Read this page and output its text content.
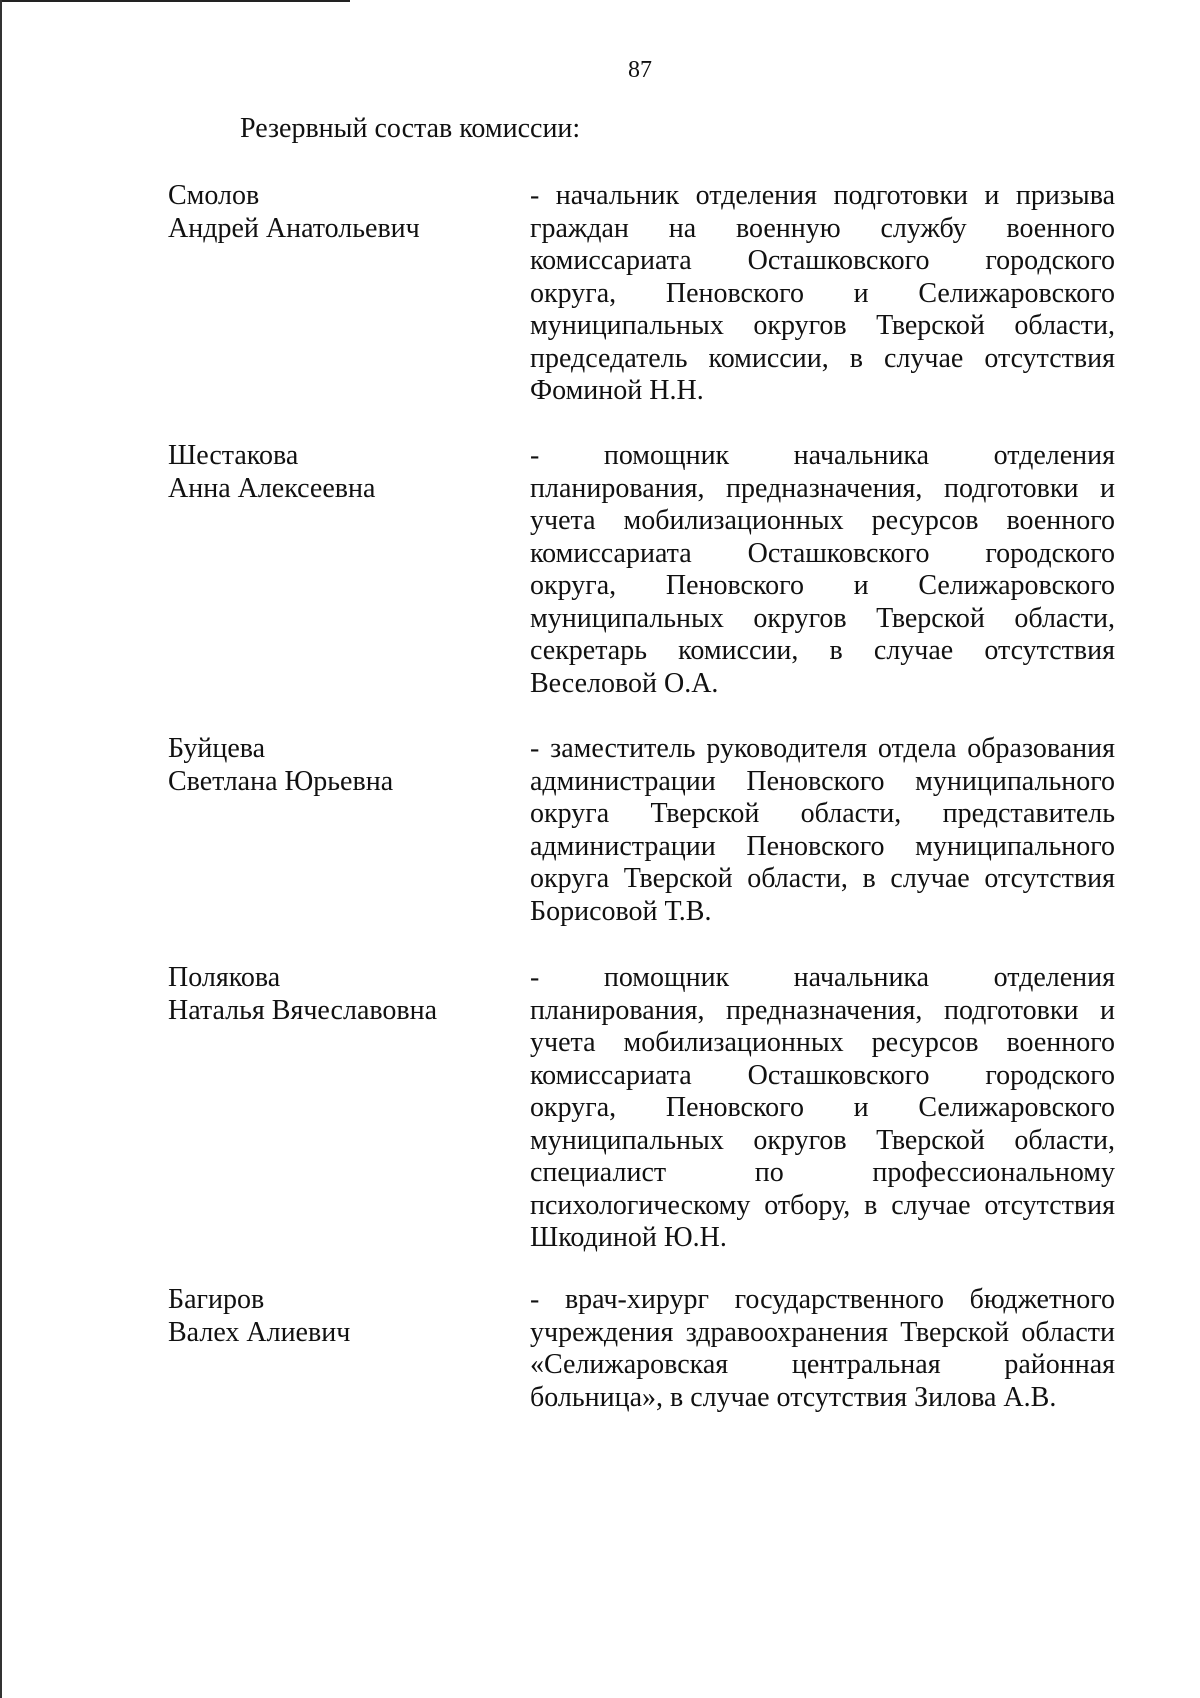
87
Резервный состав комиссии:
Смолов
Андрей Анатольевич
- начальник отделения подготовки и призыва
граждан на военную службу военного
комиссариата Осташковского городского
округа, Пеновского и Селижаровского
муниципальных округов Тверской области,
председатель комиссии, в случае отсутствия
Фоминой Н.Н.
Шестакова
Анна Алексеевна
- помощник начальника отделения
планирования, предназначения, подготовки и
учета мобилизационных ресурсов военного
комиссариата Осташковского городского
округа, Пеновского и Селижаровского
муниципальных округов Тверской области,
секретарь комиссии, в случае отсутствия
Веселовой О.А.
Буйцева
Светлана Юрьевна
- заместитель руководителя отдела образования
администрации Пеновского муниципального
округа Тверской области, представитель
администрации Пеновского муниципального
округа Тверской области, в случае отсутствия
Борисовой Т.В.
Полякова
Наталья Вячеславовна
- помощник начальника отделения
планирования, предназначения, подготовки и
учета мобилизационных ресурсов военного
комиссариата Осташковского городского
округа, Пеновского и Селижаровского
муниципальных округов Тверской области,
специалист по профессиональному
психологическому отбору, в случае отсутствия
Шкодиной Ю.Н.
Багиров
Валех Алиевич
- врач-хирург государственного бюджетного
учреждения здравоохранения Тверской области
«Селижаровская центральная районная
больница», в случае отсутствия Зилова А.В.
